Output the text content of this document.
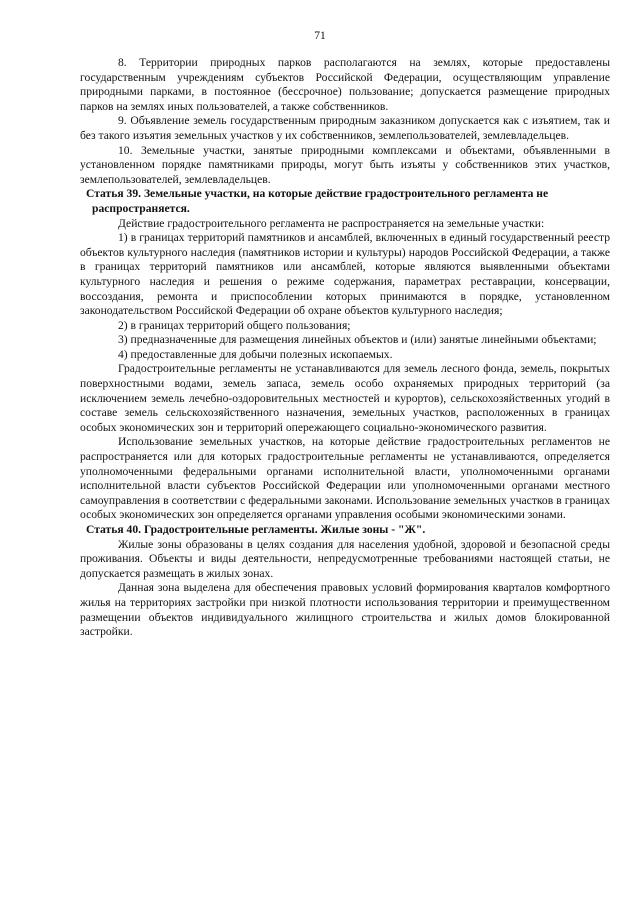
71

8. Территории природных парков располагаются на землях, которые предоставлены государственным учреждениям субъектов Российской Федерации, осуществляющим управление природными парками, в постоянное (бессрочное) пользование; допускается размещение природных парков на землях иных пользователей, а также собственников.

9. Объявление земель государственным природным заказником допускается как с изъятием, так и без такого изъятия земельных участков у их собственников, землепользователей, землевладельцев.

10. Земельные участки, занятые природными комплексами и объектами, объявленными в установленном порядке памятниками природы, могут быть изъяты у собственников этих участков, землепользователей, землевладельцев.

Статья 39. Земельные участки, на которые действие градостроительного регламента не
распространяется.

Действие градостроительного регламента не распространяется на земельные участки:

1) в границах территорий памятников и ансамблей, включенных в единый государственный реестр объектов культурного наследия (памятников истории и культуры) народов Российской Федерации, а также в границах территорий памятников или ансамблей, которые являются выявленными объектами культурного наследия и решения о режиме содержания, параметрах реставрации, консервации, воссоздания, ремонта и приспособлении которых принимаются в порядке, установленном законодательством Российской Федерации об охране объектов культурного наследия;

2) в границах территорий общего пользования;

3) предназначенные для размещения линейных объектов и (или) занятые линейными объектами;

4) предоставленные для добычи полезных ископаемых.

Градостроительные регламенты не устанавливаются для земель лесного фонда, земель, покрытых поверхностными водами, земель запаса, земель особо охраняемых природных территорий (за исключением земель лечебно-оздоровительных местностей и курортов), сельскохозяйственных угодий в составе земель сельскохозяйственного назначения, земельных участков, расположенных в границах особых экономических зон и территорий опережающего социально-экономического развития.

Использование земельных участков, на которые действие градостроительных регламентов не распространяется или для которых градостроительные регламенты не устанавливаются, определяется уполномоченными федеральными органами исполнительной власти, уполномоченными органами исполнительной власти субъектов Российской Федерации или уполномоченными органами местного самоуправления в соответствии с федеральными законами. Использование земельных участков в границах особых экономических зон определяется органами управления особыми экономическими зонами.

Статья 40. Градостроительные регламенты. Жилые зоны - "Ж".

Жилые зоны образованы в целях создания для населения удобной, здоровой и безопасной среды проживания. Объекты и виды деятельности, непредусмотренные требованиями настоящей статьи, не допускается размещать в жилых зонах.

Данная зона выделена для обеспечения правовых условий формирования кварталов комфортного жилья на территориях застройки при низкой плотности использования территории и преимущественном размещении объектов индивидуального жилищного строительства и жилых домов блокированной застройки.
